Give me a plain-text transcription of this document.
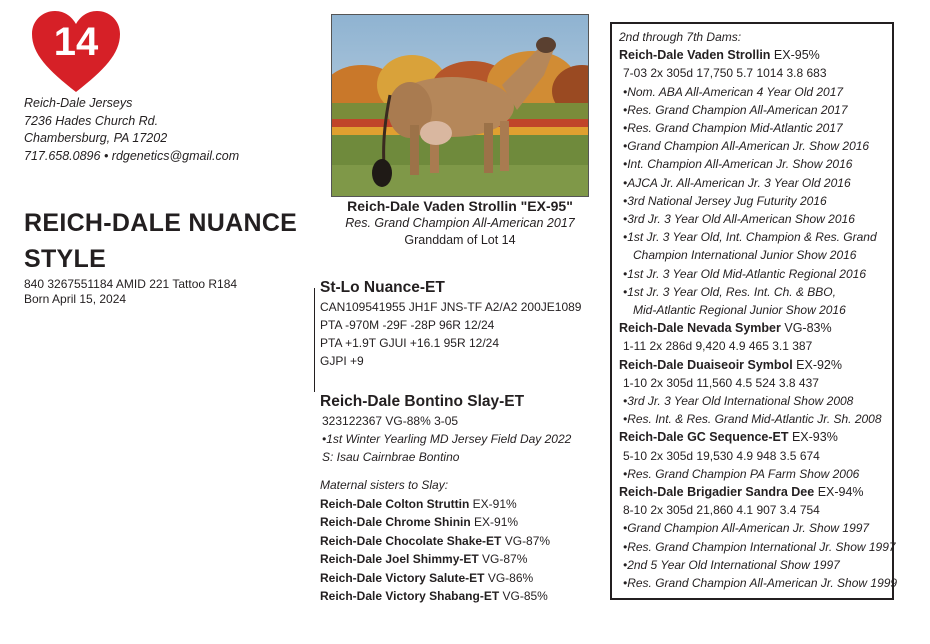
14
Reich-Dale Jerseys
7236 Hades Church Rd.
Chambersburg, PA 17202
717.658.0896 • rdgenetics@gmail.com
REICH-DALE NUANCE
STYLE
840 3267551184 AMID 221 Tattoo R184
Born April 15, 2024
Reich-Dale Vaden Strollin "EX-95"
Res. Grand Champion All-American 2017
Granddam of Lot 14
St-Lo Nuance-ET
CAN109541955 JH1F JNS-TF A2/A2 200JE1089
PTA -970M -29F -28P 96R 12/24
PTA +1.9T GJUI +16.1 95R 12/24
GJPI +9
Reich-Dale Bontino Slay-ET
323122367 VG-88% 3-05
•1st Winter Yearling MD Jersey Field Day 2022
S: Isau Cairnbrae Bontino
Maternal sisters to Slay:
Reich-Dale Colton Struttin EX-91%
Reich-Dale Chrome Shinin EX-91%
Reich-Dale Chocolate Shake-ET VG-87%
Reich-Dale Joel Shimmy-ET VG-87%
Reich-Dale Victory Salute-ET VG-86%
Reich-Dale Victory Shabang-ET VG-85%
2nd through 7th Dams:
Reich-Dale Vaden Strollin EX-95%
7-03 2x 305d 17,750 5.7 1014 3.8 683
•Nom. ABA All-American 4 Year Old 2017
•Res. Grand Champion All-American 2017
•Res. Grand Champion Mid-Atlantic 2017
•Grand Champion All-American Jr. Show 2016
•Int. Champion All-American Jr. Show 2016
•AJCA Jr. All-American Jr. 3 Year Old 2016
•3rd National Jersey Jug Futurity 2016
•3rd Jr. 3 Year Old All-American Show 2016
•1st Jr. 3 Year Old, Int. Champion & Res. Grand
Champion International Junior Show 2016
•1st Jr. 3 Year Old Mid-Atlantic Regional 2016
•1st Jr. 3 Year Old, Res. Int. Ch. & BBO,
Mid-Atlantic Regional Junior Show 2016
Reich-Dale Nevada Symber VG-83%
1-11 2x 286d 9,420 4.9 465 3.1 387
Reich-Dale Duaiseoir Symbol EX-92%
1-10 2x 305d 11,560 4.5 524 3.8 437
•3rd Jr. 3 Year Old International Show 2008
•Res. Int. & Res. Grand Mid-Atlantic Jr. Sh. 2008
Reich-Dale GC Sequence-ET EX-93%
5-10 2x 305d 19,530 4.9 948 3.5 674
•Res. Grand Champion PA Farm Show 2006
Reich-Dale Brigadier Sandra Dee EX-94%
8-10 2x 305d 21,860 4.1 907 3.4 754
•Grand Champion All-American Jr. Show 1997
•Res. Grand Champion International Jr. Show 1997
•2nd 5 Year Old International Show 1997
•Res. Grand Champion All-American Jr. Show 1999
